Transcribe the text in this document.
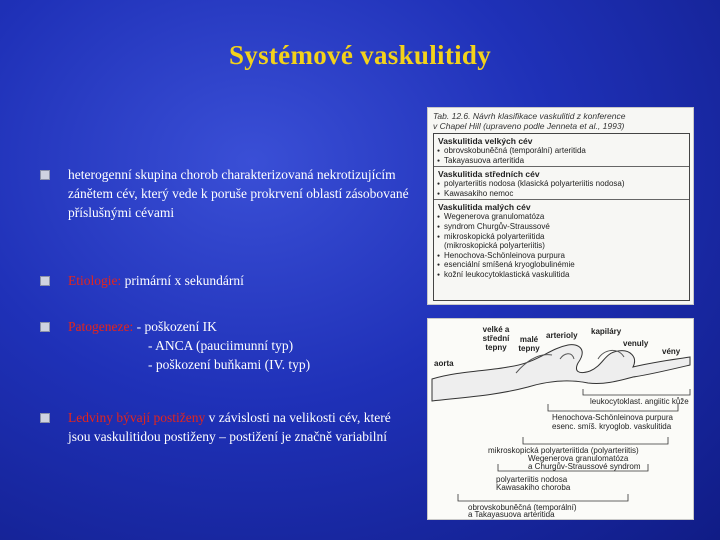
Systémové vaskulitidy
heterogenní skupina chorob charakterizovaná nekrotizujícím zánětem cév, který vede k poruše prokrvení oblastí zásobované příslušnými cévami
Etiologie: primární x sekundární
Patogeneze: - poškození IK
- ANCA (pauciimunní typ)
- poškození buňkami (IV. typ)
Ledviny bývají postiženy v závislosti na velikosti cév, které jsou vaskulitidou postiženy – postižení je značně variabilní
Tab. 12.6. Návrh klasifikace vaskulitid z konference
v Chapel Hill (upraveno podle Jenneta et al., 1993)
Vaskulitida velkých cév
● obrovskobuněčná (temporální) arteritida
● Takayasuova arteritida
Vaskulitida středních cév
● polyarteriitis nodosa (klasická polyarteriitis nodosa)
● Kawasakiho nemoc
Vaskulitida malých cév
● Wegenerova granulomatóza
● syndrom Churgův-Straussové
● mikroskopická polyarteriitida
(mikroskopická polyarteriitis)
● Henochova-Schönleinova purpura
● esenciální smíšená kryoglobulinémie
● kožní leukocytoklastická vaskulitida
velké a střední tepny
malé tepny
arterioly kapiláry
venuly
vény
aorta
leukocytoklast. angiitic kůže
Henochova-Schönleinova purpura
esenc. smíš. kryoglob. vaskulitida
mikroskopická polyarteriitida (polyarteriitis)
Wegenerova granulomatóza
a Churgův-Straussové syndrom
polyarteriitis nodosa
Kawasakiho choroba
obrovskobuněčná (temporální)
a Takayasuova arteritida
